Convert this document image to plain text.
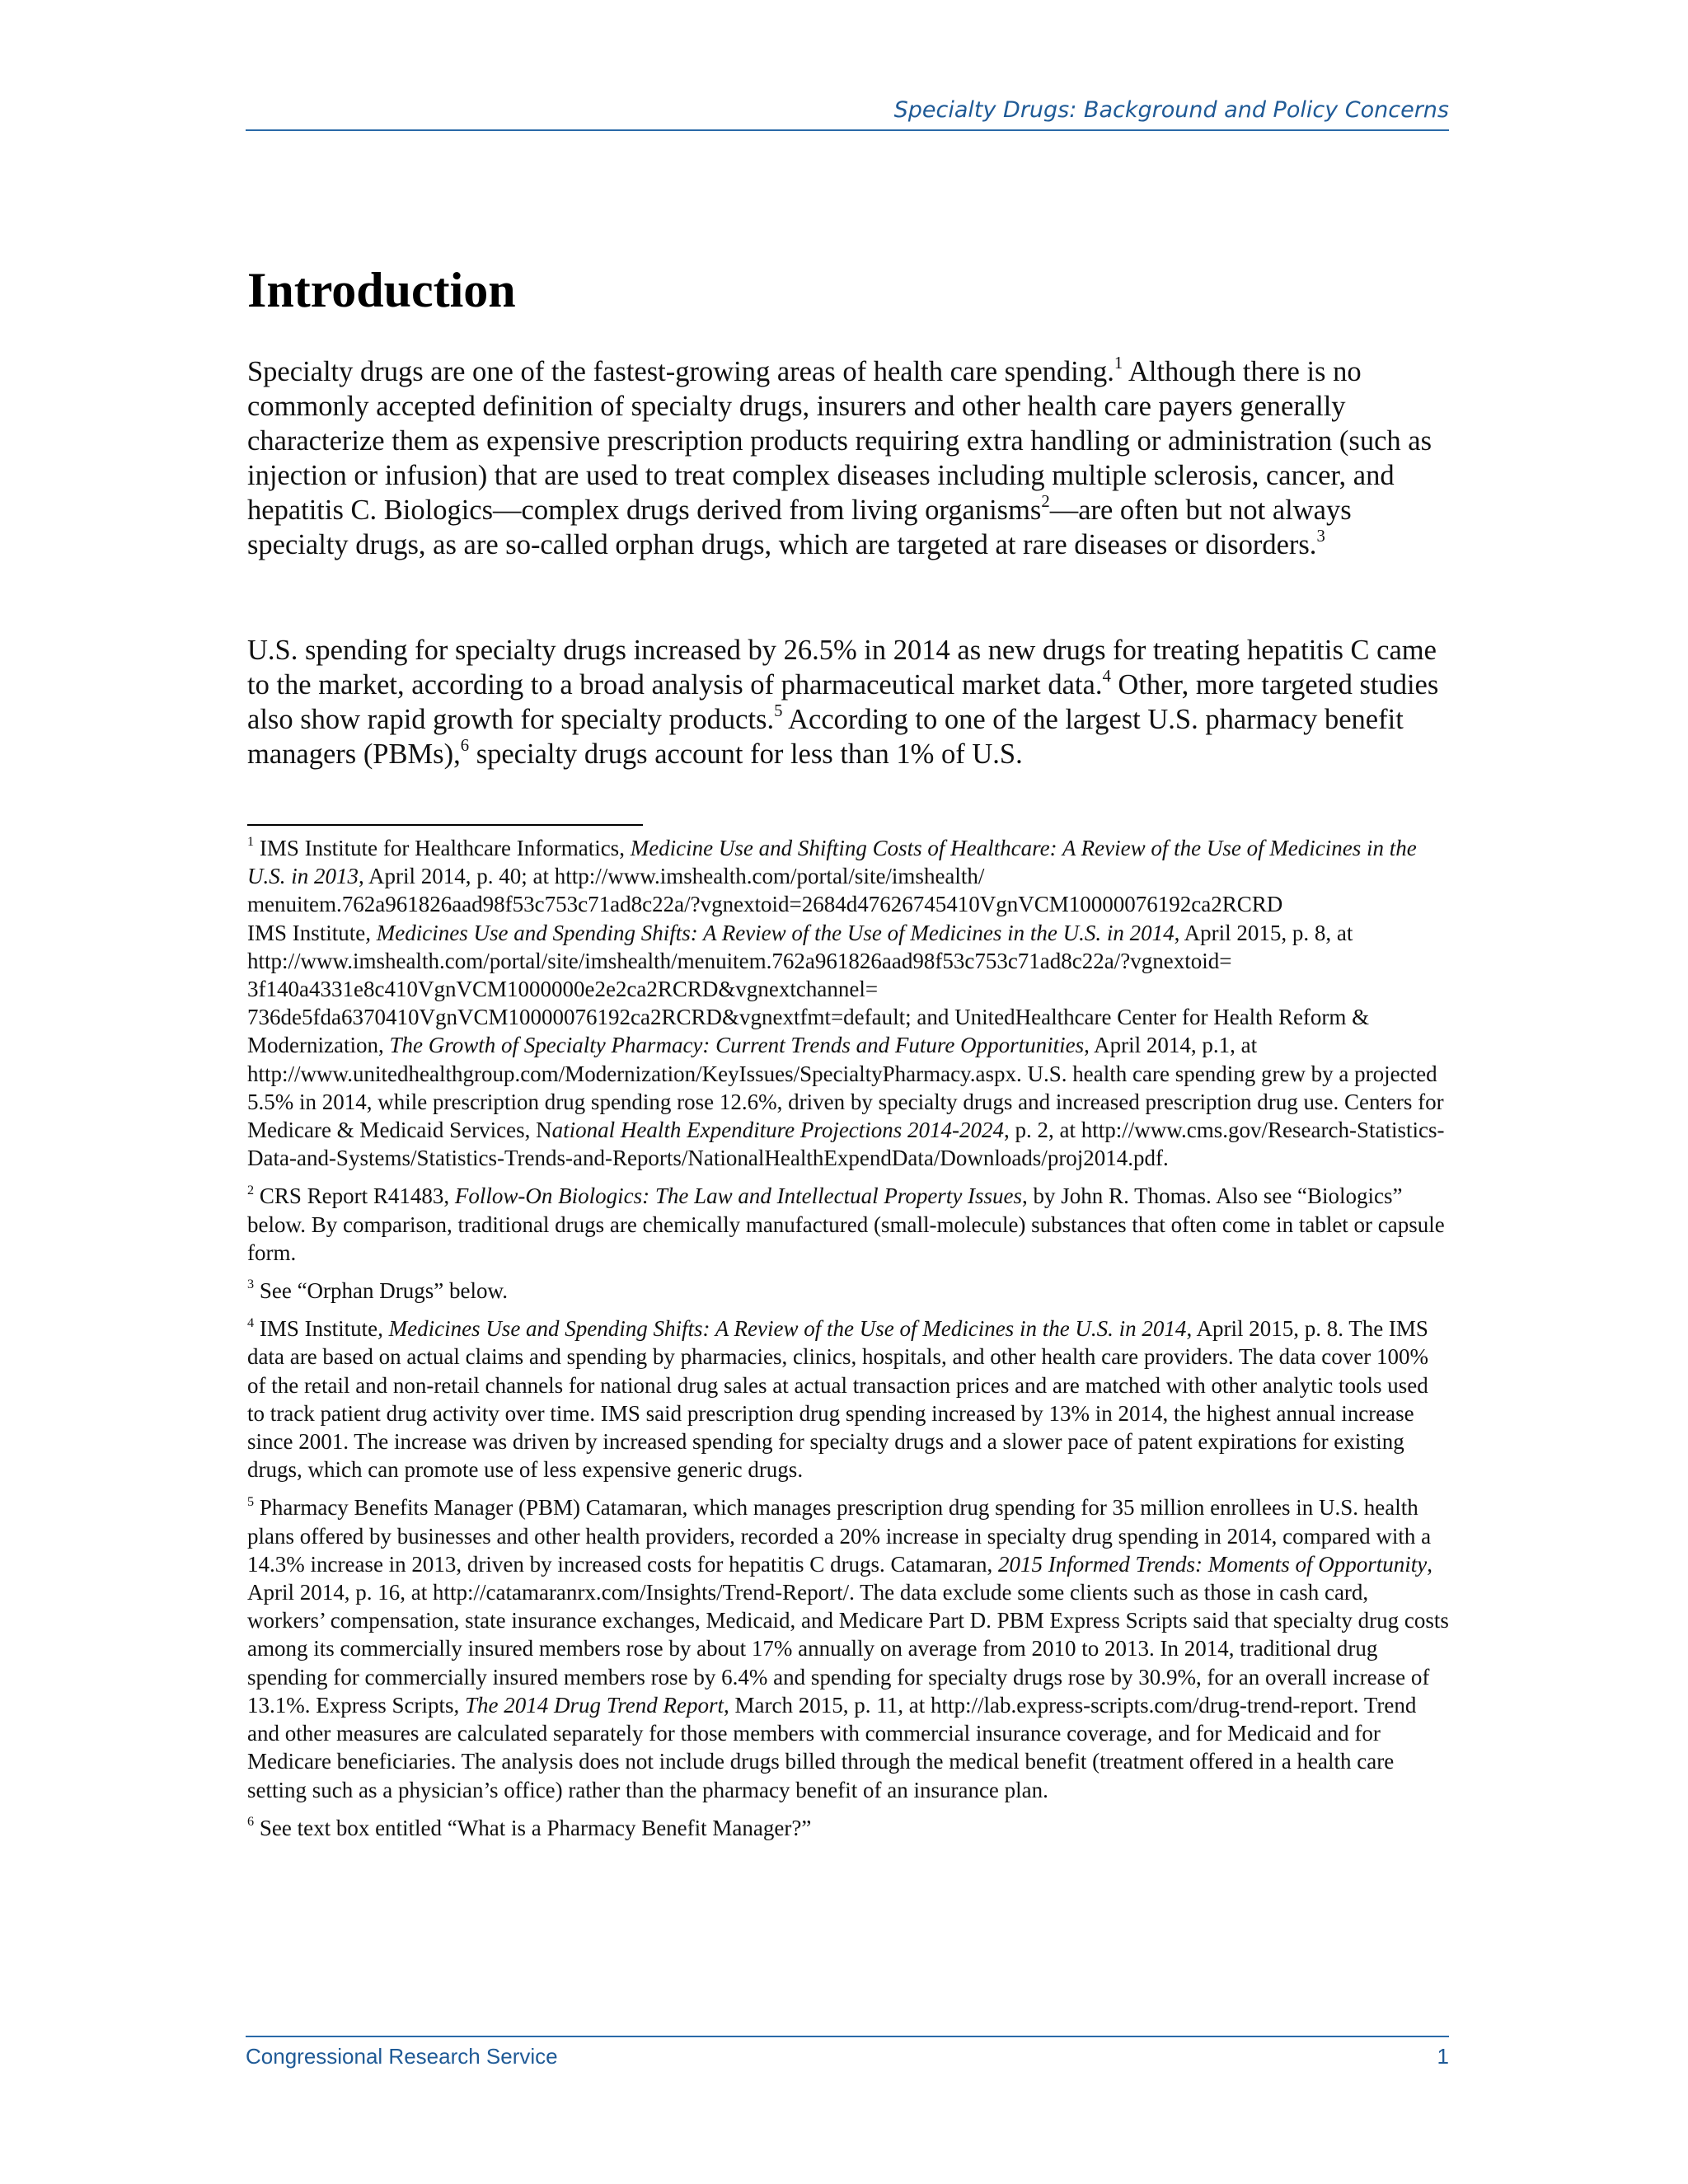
Specialty Drugs: Background and Policy Concerns
Introduction

Specialty drugs are one of the fastest-growing areas of health care spending.$^1$ Although there is no commonly accepted definition of specialty drugs, insurers and other health care payers generally characterize them as expensive prescription products requiring extra handling or administration (such as injection or infusion) that are used to treat complex diseases including multiple sclerosis, cancer, and hepatitis C. Biologics—complex drugs derived from living organisms$^2$—are often but not always specialty drugs, as are so-called orphan drugs, which are targeted at rare diseases or disorders.$^3$

U.S. spending for specialty drugs increased by 26.5% in 2014 as new drugs for treating hepatitis C came to the market, according to a broad analysis of pharmaceutical market data.$^4$ Other, more targeted studies also show rapid growth for specialty products.$^5$ According to one of the largest U.S. pharmacy benefit managers (PBMs),$^6$ specialty drugs account for less than 1% of U.S.

$^1$ IMS Institute for Healthcare Informatics, Medicine Use and Shifting Costs of Healthcare: A Review of the Use of Medicines in the U.S. in 2013, April 2014, p. 40; at http://www.imshealth.com/portal/site/imshealth/
menuitem.762a961826aad98f53c753c71ad8c22a/?vgnextoid=2684d47626745410VgnVCM10000076192ca2RCRD
IMS Institute, Medicines Use and Spending Shifts: A Review of the Use of Medicines in the U.S. in 2014, April 2015, p. 8, at http://www.imshealth.com/portal/site/imshealth/menuitem.762a961826aad98f53c753c71ad8c22a/?vgnextoid=
3f140a4331e8c410VgnVCM1000000e2e2ca2RCRD&vgnextchannel=
736de5fda6370410VgnVCM10000076192ca2RCRD&vgnextfmt=default; and UnitedHealthcare Center for Health Reform & Modernization, The Growth of Specialty Pharmacy: Current Trends and Future Opportunities, April 2014, p.1, at http://www.unitedhealthgroup.com/Modernization/KeyIssues/SpecialtyPharmacy.aspx. U.S. health care spending grew by a projected 5.5% in 2014, while prescription drug spending rose 12.6%, driven by specialty drugs and increased prescription drug use. Centers for Medicare & Medicaid Services, National Health Expenditure Projections 2014-2024, p. 2, at http://www.cms.gov/Research-Statistics-Data-and-Systems/Statistics-Trends-and-Reports/NationalHealthExpendData/Downloads/proj2014.pdf.

$^2$ CRS Report R41483, Follow-On Biologics: The Law and Intellectual Property Issues, by John R. Thomas. Also see “Biologics” below. By comparison, traditional drugs are chemically manufactured (small-molecule) substances that often come in tablet or capsule form.

$^3$ See “Orphan Drugs” below.

$^4$ IMS Institute, Medicines Use and Spending Shifts: A Review of the Use of Medicines in the U.S. in 2014, April 2015, p. 8. The IMS data are based on actual claims and spending by pharmacies, clinics, hospitals, and other health care providers. The data cover 100% of the retail and non-retail channels for national drug sales at actual transaction prices and are matched with other analytic tools used to track patient drug activity over time. IMS said prescription drug spending increased by 13% in 2014, the highest annual increase since 2001. The increase was driven by increased spending for specialty drugs and a slower pace of patent expirations for existing drugs, which can promote use of less expensive generic drugs.

$^5$ Pharmacy Benefits Manager (PBM) Catamaran, which manages prescription drug spending for 35 million enrollees in U.S. health plans offered by businesses and other health providers, recorded a 20% increase in specialty drug spending in 2014, compared with a 14.3% increase in 2013, driven by increased costs for hepatitis C drugs. Catamaran, 2015 Informed Trends: Moments of Opportunity, April 2014, p. 16, at http://catamaranrx.com/Insights/Trend-Report/. The data exclude some clients such as those in cash card, workers’ compensation, state insurance exchanges, Medicaid, and Medicare Part D. PBM Express Scripts said that specialty drug costs among its commercially insured members rose by about 17% annually on average from 2010 to 2013. In 2014, traditional drug spending for commercially insured members rose by 6.4% and spending for specialty drugs rose by 30.9%, for an overall increase of 13.1%. Express Scripts, The 2014 Drug Trend Report, March 2015, p. 11, at http://lab.express-scripts.com/drug-trend-report. Trend and other measures are calculated separately for those members with commercial insurance coverage, and for Medicaid and for Medicare beneficiaries. The analysis does not include drugs billed through the medical benefit (treatment offered in a health care setting such as a physician’s office) rather than the pharmacy benefit of an insurance plan.

$^6$ See text box entitled “What is a Pharmacy Benefit Manager?”

Congressional Research Service	1
